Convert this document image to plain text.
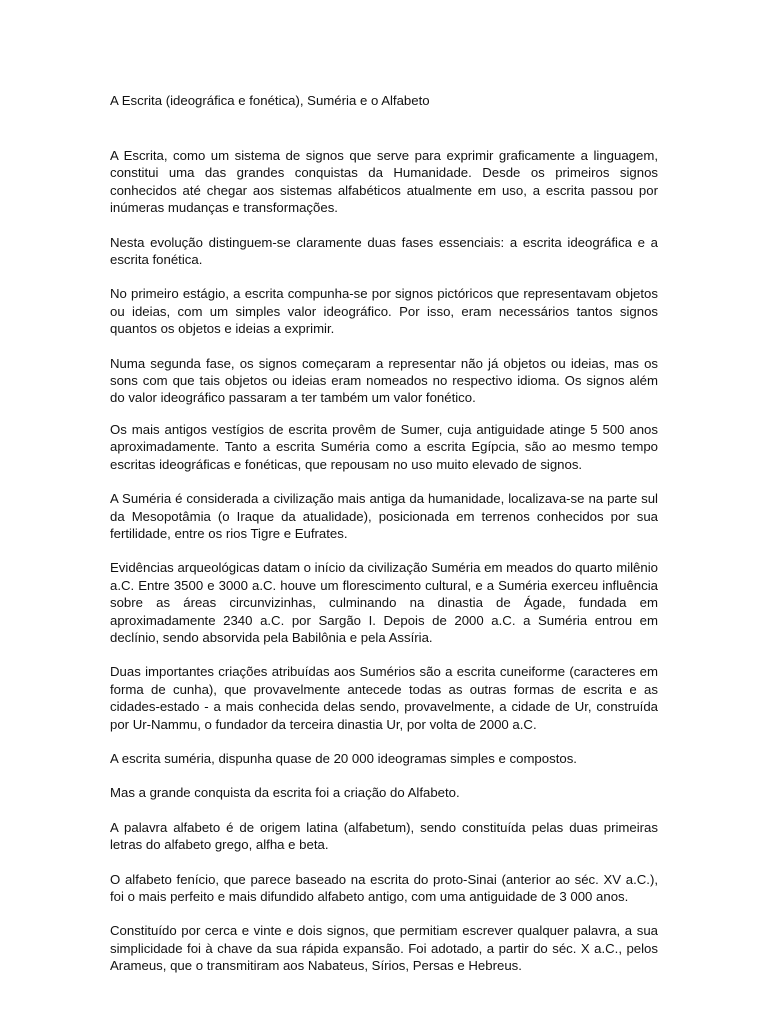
A Escrita (ideográfica e fonética), Suméria e o Alfabeto

A Escrita, como um sistema de signos que serve para exprimir graficamente a linguagem, constitui uma das grandes conquistas da Humanidade. Desde os primeiros signos conhecidos até chegar aos sistemas alfabéticos atualmente em uso, a escrita passou por inúmeras mudanças e transformações.

Nesta evolução distinguem-se claramente duas fases essenciais: a escrita ideográfica e a escrita fonética.

No primeiro estágio, a escrita compunha-se por signos pictóricos que representavam objetos ou ideias, com um simples valor ideográfico. Por isso, eram necessários tantos signos quantos os objetos e ideias a exprimir.

Numa segunda fase, os signos começaram a representar não já objetos ou ideias, mas os sons com que tais objetos ou ideias eram nomeados no respectivo idioma. Os signos além do valor ideográfico passaram a ter também um valor fonético.

Os mais antigos vestígios de escrita provêm de Sumer, cuja antiguidade atinge 5 500 anos aproximadamente. Tanto a escrita Suméria como a escrita Egípcia, são ao mesmo tempo escritas ideográficas e fonéticas, que repousam no uso muito elevado de signos.

A Suméria é considerada a civilização mais antiga da humanidade, localizava-se na parte sul da Mesopotâmia (o Iraque da atualidade), posicionada em terrenos conhecidos por sua fertilidade, entre os rios Tigre e Eufrates.

Evidências arqueológicas datam o início da civilização Suméria em meados do quarto milênio a.C. Entre 3500 e 3000 a.C. houve um florescimento cultural, e a Suméria exerceu influência sobre as áreas circunvizinhas, culminando na dinastia de Ágade, fundada em aproximadamente 2340 a.C. por Sargão I. Depois de 2000 a.C. a Suméria entrou em declínio, sendo absorvida pela Babilônia e pela Assíria.

Duas importantes criações atribuídas aos Sumérios são a escrita cuneiforme (caracteres em forma de cunha), que provavelmente antecede todas as outras formas de escrita e as cidades-estado - a mais conhecida delas sendo, provavelmente, a cidade de Ur, construída por Ur-Nammu, o fundador da terceira dinastia Ur, por volta de 2000 a.C.

A escrita suméria, dispunha quase de 20 000 ideogramas simples e compostos.

Mas a grande conquista da escrita foi a criação do Alfabeto.

A palavra alfabeto é de origem latina (alfabetum), sendo constituída pelas duas primeiras letras do alfabeto grego, alfha e beta.

O alfabeto fenício, que parece baseado na escrita do proto-Sinai (anterior ao séc. XV a.C.), foi o mais perfeito e mais difundido alfabeto antigo, com uma antiguidade de 3 000 anos.

Constituído por cerca e vinte e dois signos, que permitiam escrever qualquer palavra, a sua simplicidade foi à chave da sua rápida expansão. Foi adotado, a partir do séc. X a.C., pelos Arameus, que o transmitiram aos Nabateus, Sírios, Persas e Hebreus.
